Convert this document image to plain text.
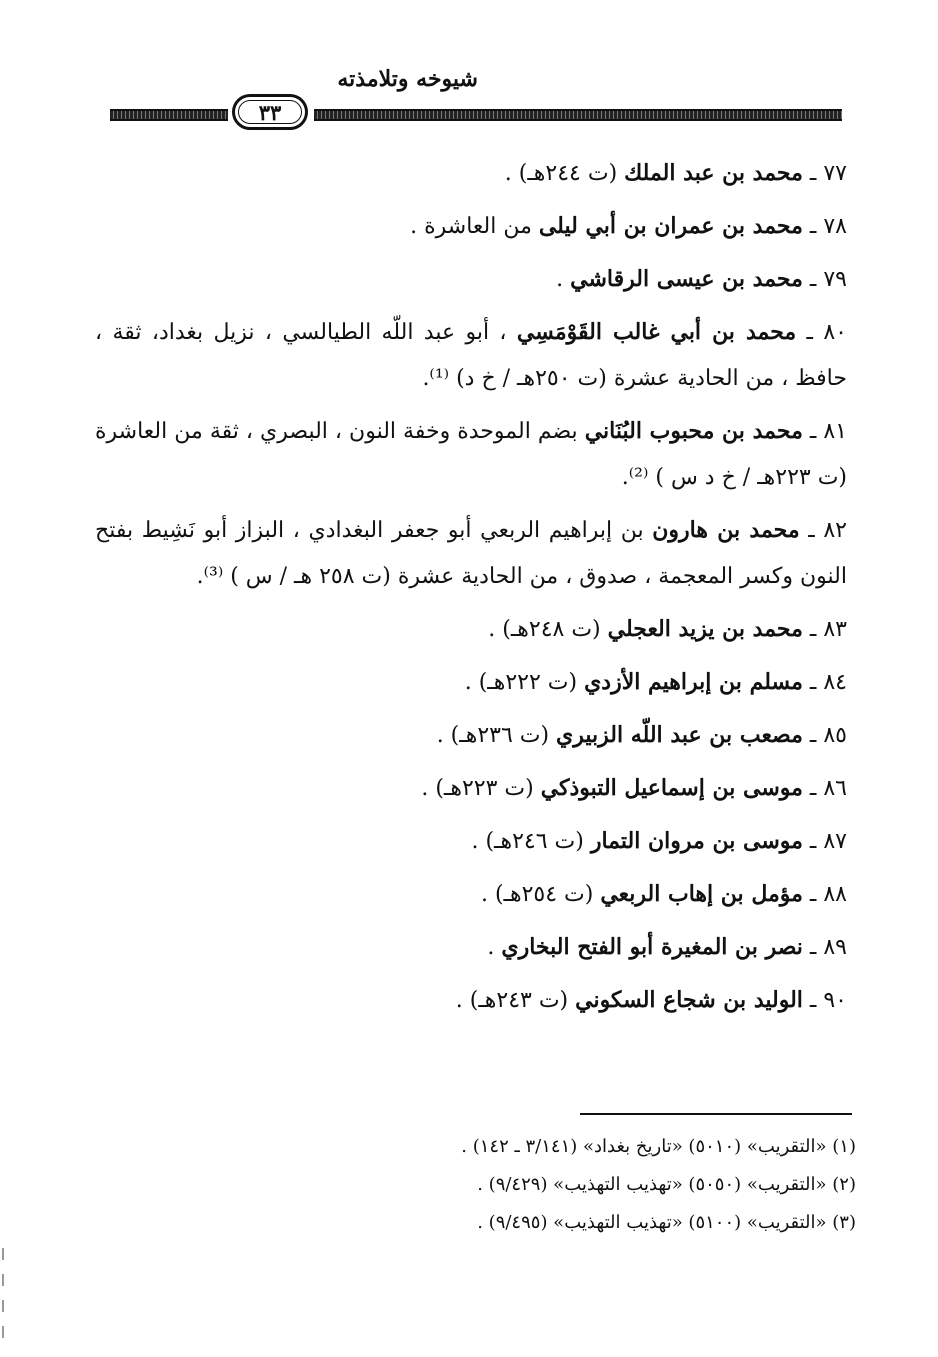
شيوخه وتلامذته
٣٣

٧٧ ـ محمد بن عبد الملك (ت ٢٤٤هـ) .

٧٨ ـ محمد بن عمران بن أبي ليلى من العاشرة .

٧٩ ـ محمد بن عيسى الرقاشي .

٨٠ ـ محمد بن أبي غالب القَوْمَسِي ، أبو عبد اللّه الطيالسي ، نزيل بغداد، ثقة ، حافظ ، من الحادية عشرة (ت ٢٥٠هـ / خ د) ⁽¹⁾.

٨١ ـ محمد بن محبوب البُنَاني بضم الموحدة وخفة النون ، البصري ، ثقة من العاشرة (ت ٢٢٣هـ / خ د س ) ⁽²⁾.

٨٢ ـ محمد بن هارون بن إبراهيم الربعي أبو جعفر البغدادي ، البزاز أبو نَشِيط بفتح النون وكسر المعجمة ، صدوق ، من الحادية عشرة (ت ٢٥٨ هـ / س ) ⁽³⁾.

٨٣ ـ محمد بن يزيد العجلي (ت ٢٤٨هـ) .

٨٤ ـ مسلم بن إبراهيم الأزدي (ت ٢٢٢هـ) .

٨٥ ـ مصعب بن عبد اللّه الزبيري (ت ٢٣٦هـ) .

٨٦ ـ موسى بن إسماعيل التبوذكي (ت ٢٢٣هـ) .

٨٧ ـ موسى بن مروان التمار (ت ٢٤٦هـ) .

٨٨ ـ مؤمل بن إهاب الربعي (ت ٢٥٤هـ) .

٨٩ ـ نصر بن المغيرة أبو الفتح البخاري .

٩٠ ـ الوليد بن شجاع السكوني (ت ٢٤٣هـ) .

(١) «التقريب» (٥٠١٠) «تاريخ بغداد» (٣/١٤١ ـ ١٤٢) .
(٢) «التقريب» (٥٠٥٠) «تهذيب التهذيب» (٩/٤٢٩) .
(٣) «التقريب» (٥١٠٠) «تهذيب التهذيب» (٩/٤٩٥) .
